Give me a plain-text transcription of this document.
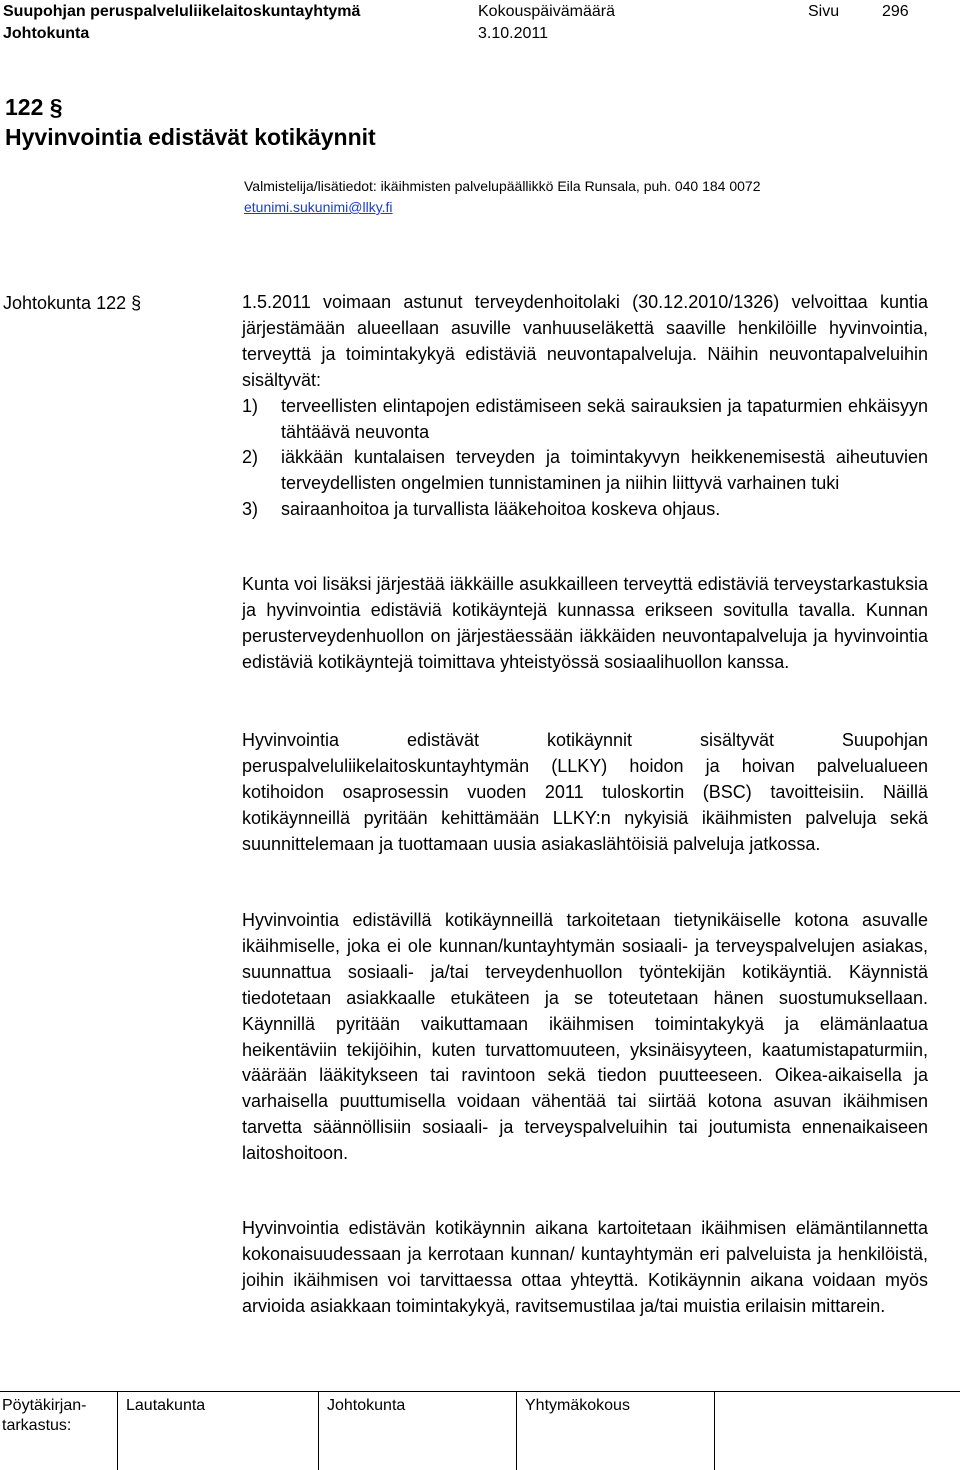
Suupohjan peruspalveluliikelaitoskuntayhtymä
Johtokunta
Kokouspäivämäärä
3.10.2011
Sivu	296
122 §
Hyvinvointia edistävät kotikäynnit
Valmistelija/lisätiedot: ikäihmisten palvelupäällikkö Eila Runsala, puh. 040 184 0072
etunimi.sukunimi@llky.fi
Johtokunta 122 §	1.5.2011 voimaan astunut terveydenhoitolaki (30.12.2010/1326) velvoittaa kuntia järjestämään alueellaan asuville vanhuuseläkettä saaville henkilöille hyvinvointia, terveyttä ja toimintakykyä edistäviä neuvontapalveluja. Näihin neuvontapalveluihin sisältyvät:

1) terveellisten elintapojen edistämiseen sekä sairauksien ja tapaturmien ehkäisyyn tähtäävä neuvonta
2) iäkkään kuntalaisen terveyden ja toimintakyvyn heikkenemisestä aiheutuvien terveydellisten ongelmien tunnistaminen ja niihin liittyvä varhainen tuki
3) sairaanhoitoa ja turvallista lääkehoitoa koskeva ohjaus.
Kunta voi lisäksi järjestää iäkkäille asukkailleen terveyttä edistäviä terveystarkastuksia ja hyvinvointia edistäviä kotikäyntejä kunnassa erikseen sovitulla tavalla. Kunnan perusterveydenhuollon on järjestäessään iäkkäiden neuvontapalveluja ja hyvinvointia edistäviä kotikäyntejä toimittava yhteistyössä sosiaalihuollon kanssa.
Hyvinvointia edistävät kotikäynnit sisältyvät Suupohjan peruspalveluliikelaitoskuntayhtymän (LLKY) hoidon ja hoivan palvelualueen kotihoidon osaprosessin vuoden 2011 tuloskortin (BSC) tavoitteisiin. Näillä kotikäynneillä pyritään kehittämään LLKY:n nykyisiä ikäihmisten palveluja sekä suunnittelemaan ja tuottamaan uusia asiakaslähtöisiä palveluja jatkossa.
Hyvinvointia edistävillä kotikäynneillä tarkoitetaan tietynikäiselle kotona asuvalle ikäihmiselle, joka ei ole kunnan/kuntayhtymän sosiaali- ja terveyspalvelujen asiakas, suunnattua sosiaali- ja/tai terveydenhuollon työntekijän kotikäyntiä. Käynnistä tiedotetaan asiakkaalle etukäteen ja se toteutetaan hänen suostumuksellaan. Käynnillä pyritään vaikuttamaan ikäihmisen toimintakykyä ja elämänlaatua heikentäviin tekijöihin, kuten turvattomuuteen, yksinäisyyteen, kaatumistapaturmiin, väärään lääkitykseen tai ravintoon sekä tiedon puutteeseen. Oikea-aikaisella ja varhaisella puuttumisella voidaan vähentää tai siirtää kotona asuvan ikäihmisen tarvetta säännöllisiin sosiaali- ja terveyspalveluihin tai joutumista ennenaikaiseen laitoshoitoon.
Hyvinvointia edistävän kotikäynnin aikana kartoitetaan ikäihmisen elämäntilannetta kokonaisuudessaan ja kerrotaan kunnan/ kuntayhtymän eri palveluista ja henkilöistä, joihin ikäihmisen voi tarvittaessa ottaa yhteyttä. Kotikäynnin aikana voidaan myös arvioida asiakkaan toimintakykyä, ravitsemustilaa ja/tai muistia erilaisin mittarein.
Pöytäkirjan-tarkastus:
Lautakunta	Johtokunta	Yhtymäkokous
